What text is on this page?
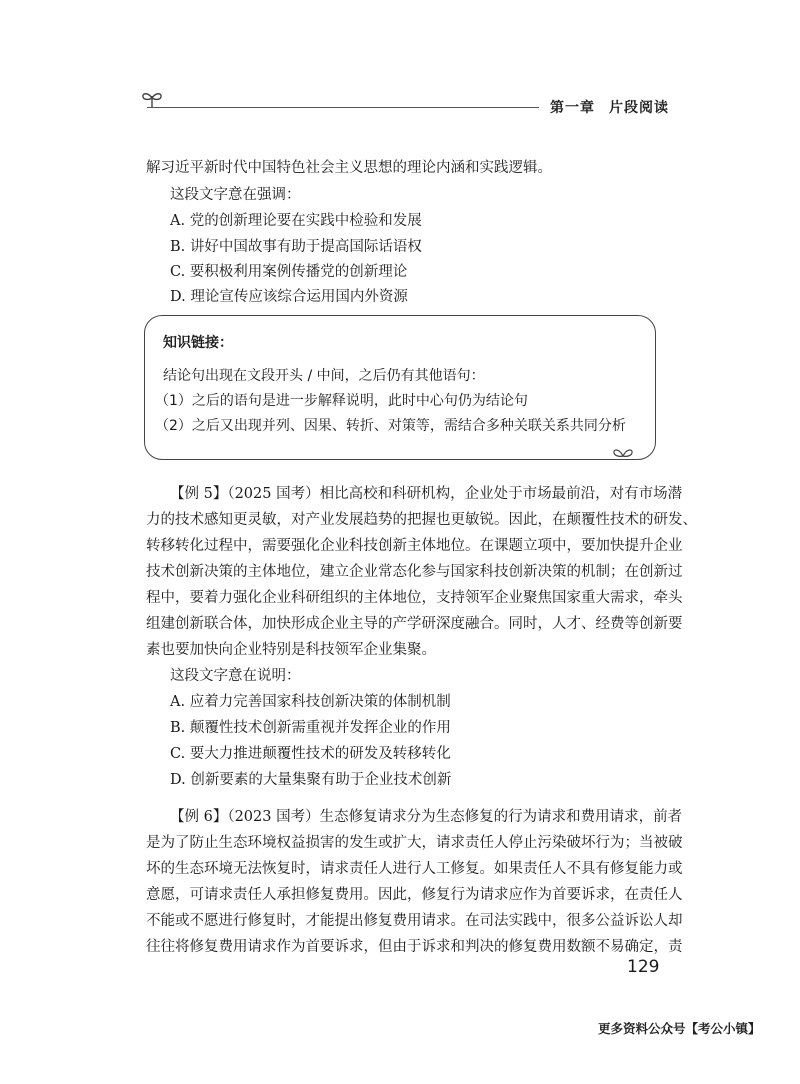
第一章 片段阅读
解习近平新时代中国特色社会主义思想的理论内涵和实践逻辑。
这段文字意在强调：
A. 党的创新理论要在实践中检验和发展
B. 讲好中国故事有助于提高国际话语权
C. 要积极利用案例传播党的创新理论
D. 理论宣传应该综合运用国内外资源
知识链接：
结论句出现在文段开头 / 中间，之后仍有其他语句：
（1）之后的语句是进一步解释说明，此时中心句仍为结论句
（2）之后又出现并列、因果、转折、对策等，需结合多种关联关系共同分析
【例 5】（2025 国考）相比高校和科研机构，企业处于市场最前沿，对有市场潜
力的技术感知更灵敏，对产业发展趋势的把握也更敏锐。因此，在颠覆性技术的研发、
转移转化过程中，需要强化企业科技创新主体地位。在课题立项中，要加快提升企业
技术创新决策的主体地位，建立企业常态化参与国家科技创新决策的机制；在创新过
程中，要着力强化企业科研组织的主体地位，支持领军企业聚焦国家重大需求，牵头
组建创新联合体，加快形成企业主导的产学研深度融合。同时，人才、经费等创新要
素也要加快向企业特别是科技领军企业集聚。
这段文字意在说明：
A. 应着力完善国家科技创新决策的体制机制
B. 颠覆性技术创新需重视并发挥企业的作用
C. 要大力推进颠覆性技术的研发及转移转化
D. 创新要素的大量集聚有助于企业技术创新
【例 6】（2023 国考）生态修复请求分为生态修复的行为请求和费用请求，前者
是为了防止生态环境权益损害的发生或扩大，请求责任人停止污染破坏行为；当被破
坏的生态环境无法恢复时，请求责任人进行人工修复。如果责任人不具有修复能力或
意愿，可请求责任人承担修复费用。因此，修复行为请求应作为首要诉求，在责任人
不能或不愿进行修复时，才能提出修复费用请求。在司法实践中，很多公益诉讼人却
往往将修复费用请求作为首要诉求，但由于诉求和判决的修复费用数额不易确定，责
129
更多资料公众号【考公小镇】
